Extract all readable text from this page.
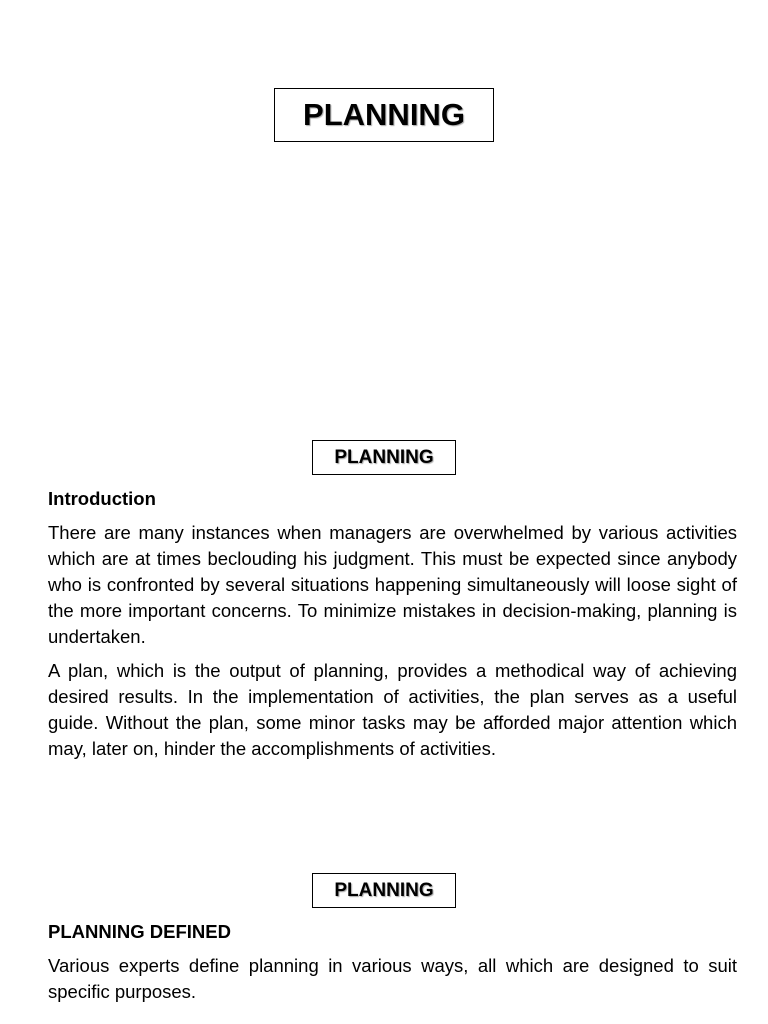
PLANNING
PLANNING

Introduction

There are many instances when managers are overwhelmed by various activities which are at times beclouding his judgment. This must be expected since anybody who is confronted by several situations happening simultaneously will loose sight of the more important concerns. To minimize mistakes in decision-making, planning is undertaken.

A plan, which is the output of planning, provides a methodical way of achieving desired results. In the implementation of activities, the plan serves as a useful guide. Without the plan, some minor tasks may be afforded major attention which may, later on, hinder the accomplishments of activities.

PLANNING

PLANNING DEFINED

Various experts define planning in various ways, all which are designed to suit specific purposes.
